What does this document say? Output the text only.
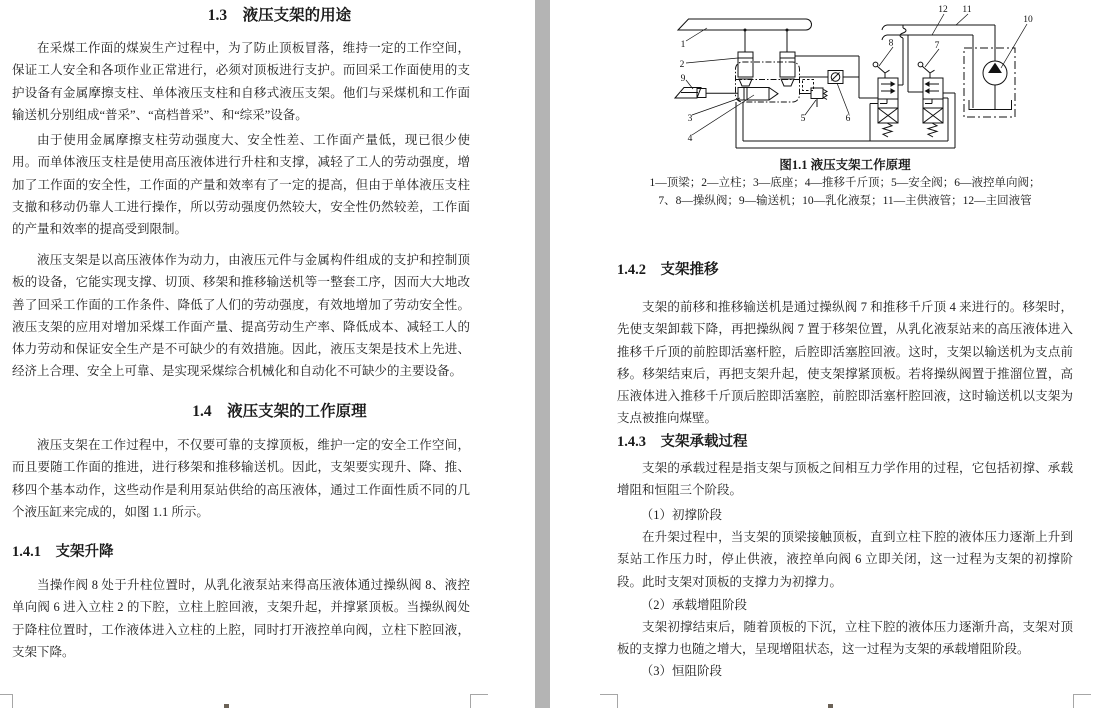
1.3　液压支架的用途

在采煤工作面的煤炭生产过程中，为了防止顶板冒落，维持一定的工作空间，保证工人安全和各项作业正常进行，必须对顶板进行支护。而回采工作面使用的支护设备有金属摩擦支柱、单体液压支柱和自移式液压支架。他们与采煤机和工作面输送机分别组成“普采”、“高档普采”、和“综采”设备。

由于使用金属摩擦支柱劳动强度大、安全性差、工作面产量低，现已很少使用。而单体液压支柱是使用高压液体进行升柱和支撑，减轻了工人的劳动强度，增加了工作面的安全性，工作面的产量和效率有了一定的提高，但由于单体液压支柱支撤和移动仍靠人工进行操作，所以劳动强度仍然较大，安全性仍然较差，工作面的产量和效率的提高受到限制。

液压支架是以高压液体作为动力，由液压元件与金属构件组成的支护和控制顶板的设备，它能实现支撑、切顶、移架和推移输送机等一整套工序，因而大大地改善了回采工作面的工作条件、降低了人们的劳动强度，有效地增加了劳动安全性。液压支架的应用对增加采煤工作面产量、提高劳动生产率、降低成本、减轻工人的体力劳动和保证安全生产是不可缺少的有效措施。因此，液压支架是技术上先进、经济上合理、安全上可靠、是实现采煤综合机械化和自动化不可缺少的主要设备。

1.4　液压支架的工作原理

液压支架在工作过程中，不仅要可靠的支撑顶板，维护一定的安全工作空间，而且要随工作面的推进，进行移架和推移输送机。因此，支架要实现升、降、推、移四个基本动作，这些动作是利用泵站供给的高压液体，通过工作面性质不同的几个液压缸来完成的，如图 1.1 所示。

1.4.1　支架升降

当操作阀 8 处于升柱位置时，从乳化液泵站来得高压液体通过操纵阀 8、液控单向阀 6 进入立柱 2 的下腔，立柱上腔回液，支架升起，并撑紧顶板。当操纵阀处于降柱位置时，工作液体进入立柱的上腔，同时打开液控单向阀，立柱下腔回液，支架下降。

1
2
9
3
4
5	6
8	7
10
11
12
图1.1 液压支架工作原理
1—顶梁；2—立柱；3—底座；4—推移千斤顶；5—安全阀；6—液控单向阀；
7、8—操纵阀；9—输送机；10—乳化液泵；11—主供液管；12—主回液管
1.4.2　支架推移

支架的前移和推移输送机是通过操纵阀 7 和推移千斤顶 4 来进行的。移架时，先使支架卸载下降，再把操纵阀 7 置于移架位置，从乳化液泵站来的高压液体进入推移千斤顶的前腔即活塞杆腔，后腔即活塞腔回液。这时，支架以输送机为支点前移。移架结束后，再把支架升起，使支架撑紧顶板。若将操纵阀置于推溜位置，高压液体进入推移千斤顶后腔即活塞腔，前腔即活塞杆腔回液，这时输送机以支架为支点被推向煤壁。

1.4.3　支架承载过程

支架的承载过程是指支架与顶板之间相互力学作用的过程，它包括初撑、承载增阻和恒阻三个阶段。

（1）初撑阶段

在升架过程中，当支架的顶梁接触顶板，直到立柱下腔的液体压力逐渐上升到泵站工作压力时，停止供液，液控单向阀 6 立即关闭，这一过程为支架的初撑阶段。此时支架对顶板的支撑力为初撑力。

（2）承载增阻阶段

支架初撑结束后，随着顶板的下沉，立柱下腔的液体压力逐渐升高，支架对顶板的支撑力也随之增大，呈现增阻状态，这一过程为支架的承载增阻阶段。

（3）恒阻阶段
